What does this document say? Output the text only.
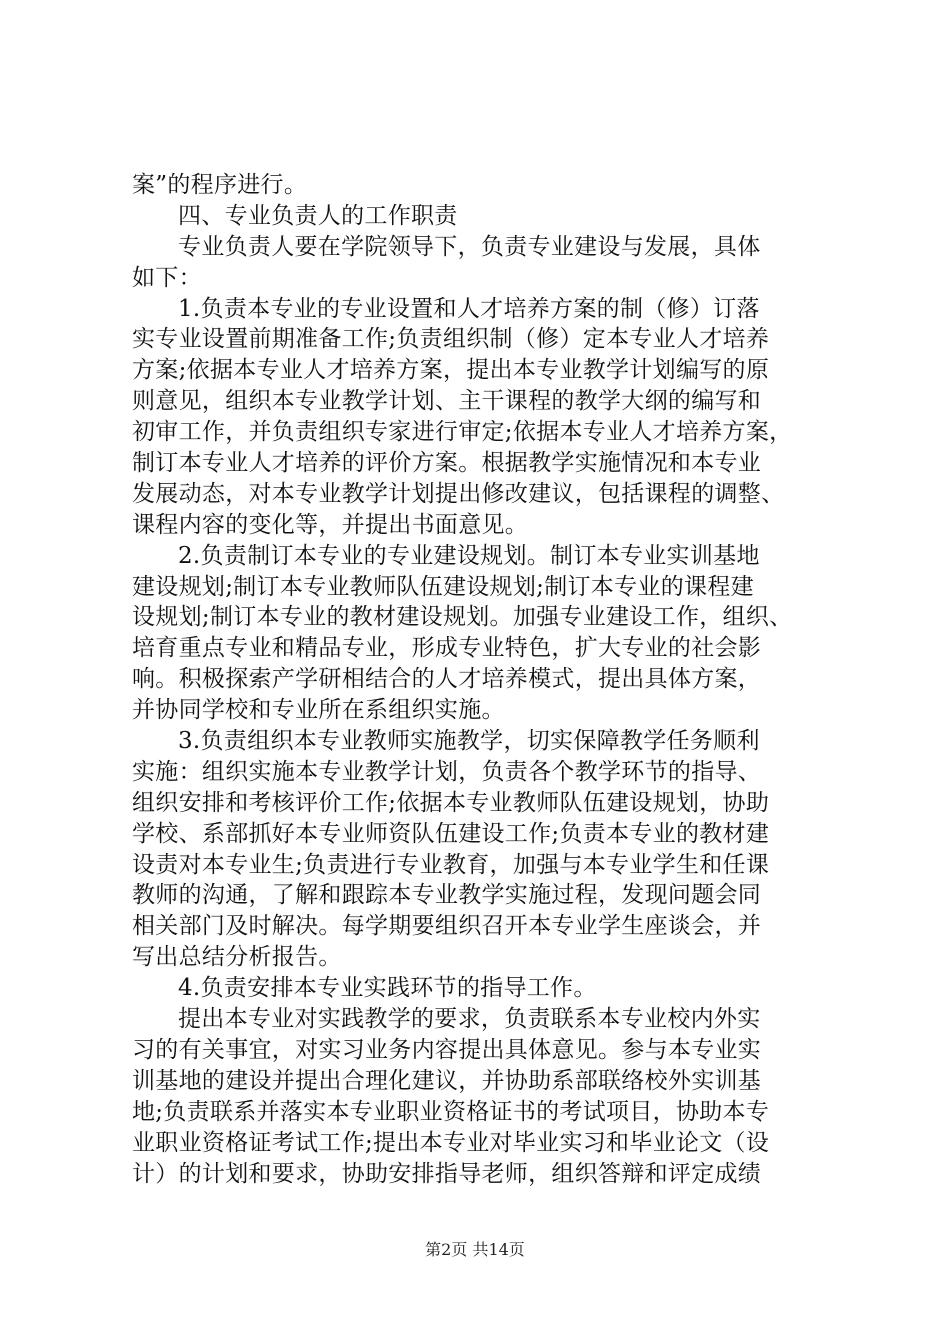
案”的程序进行。
四、专业负责人的工作职责
专业负责人要在学院领导下，负责专业建设与发展，具体
如下：
1.负责本专业的专业设置和人才培养方案的制（修）订落
实专业设置前期准备工作;负责组织制（修）定本专业人才培养
方案;依据本专业人才培养方案，提出本专业教学计划编写的原
则意见，组织本专业教学计划、主干课程的教学大纲的编写和
初审工作，并负责组织专家进行审定;依据本专业人才培养方案，
制订本专业人才培养的评价方案。根据教学实施情况和本专业
发展动态，对本专业教学计划提出修改建议，包括课程的调整、
课程内容的变化等，并提出书面意见。
2.负责制订本专业的专业建设规划。制订本专业实训基地
建设规划;制订本专业教师队伍建设规划;制订本专业的课程建
设规划;制订本专业的教材建设规划。加强专业建设工作，组织、
培育重点专业和精品专业，形成专业特色，扩大专业的社会影
响。积极探索产学研相结合的人才培养模式，提出具体方案，
并协同学校和专业所在系组织实施。
3.负责组织本专业教师实施教学，切实保障教学任务顺利
实施：组织实施本专业教学计划，负责各个教学环节的指导、
组织安排和考核评价工作;依据本专业教师队伍建设规划，协助
学校、系部抓好本专业师资队伍建设工作;负责本专业的教材建
设责对本专业生;负责进行专业教育，加强与本专业学生和任课
教师的沟通，了解和跟踪本专业教学实施过程，发现问题会同
相关部门及时解决。每学期要组织召开本专业学生座谈会，并
写出总结分析报告。
4.负责安排本专业实践环节的指导工作。
提出本专业对实践教学的要求，负责联系本专业校内外实
习的有关事宜，对实习业务内容提出具体意见。参与本专业实
训基地的建设并提出合理化建议，并协助系部联络校外实训基
地;负责联系并落实本专业职业资格证书的考试项目，协助本专
业职业资格证考试工作;提出本专业对毕业实习和毕业论文（设
计）的计划和要求，协助安排指导老师，组织答辩和评定成绩
第2页 共14页
